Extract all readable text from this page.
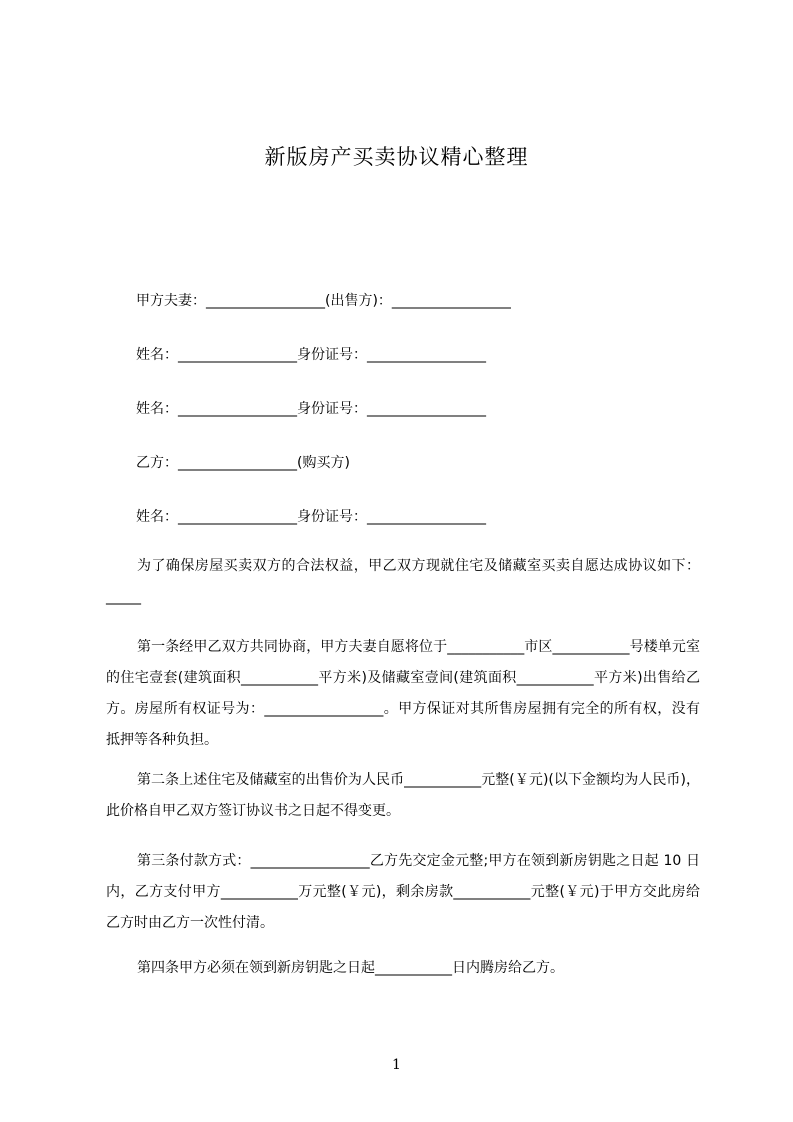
新版房产买卖协议精心整理
甲方夫妻：_________________(出售方)：_________________
姓名：_________________身份证号：_________________
姓名：_________________身份证号：_________________
乙方：_________________(购买方)
姓名：_________________身份证号：_________________
为了确保房屋买卖双方的合法权益，甲乙双方现就住宅及储藏室买卖自愿达成协议如下： _____
第一条经甲乙双方共同协商，甲方夫妻自愿将位于___________市区___________号楼单元室的住宅壹套(建筑面积___________平方米)及储藏室壹间(建筑面积___________平方米)出售给乙方。房屋所有权证号为：_________________。甲方保证对其所售房屋拥有完全的所有权，没有抵押等各种负担。
第二条上述住宅及储藏室的出售价为人民币___________元整(￥元)(以下金额均为人民币)，此价格自甲乙双方签订协议书之日起不得变更。
第三条付款方式：_________________乙方先交定金元整;甲方在领到新房钥匙之日起 10 日内，乙方支付甲方___________万元整(￥元)，剩余房款___________元整(￥元)于甲方交此房给乙方时由乙方一次性付清。
第四条甲方必须在领到新房钥匙之日起___________日内腾房给乙方。
1
